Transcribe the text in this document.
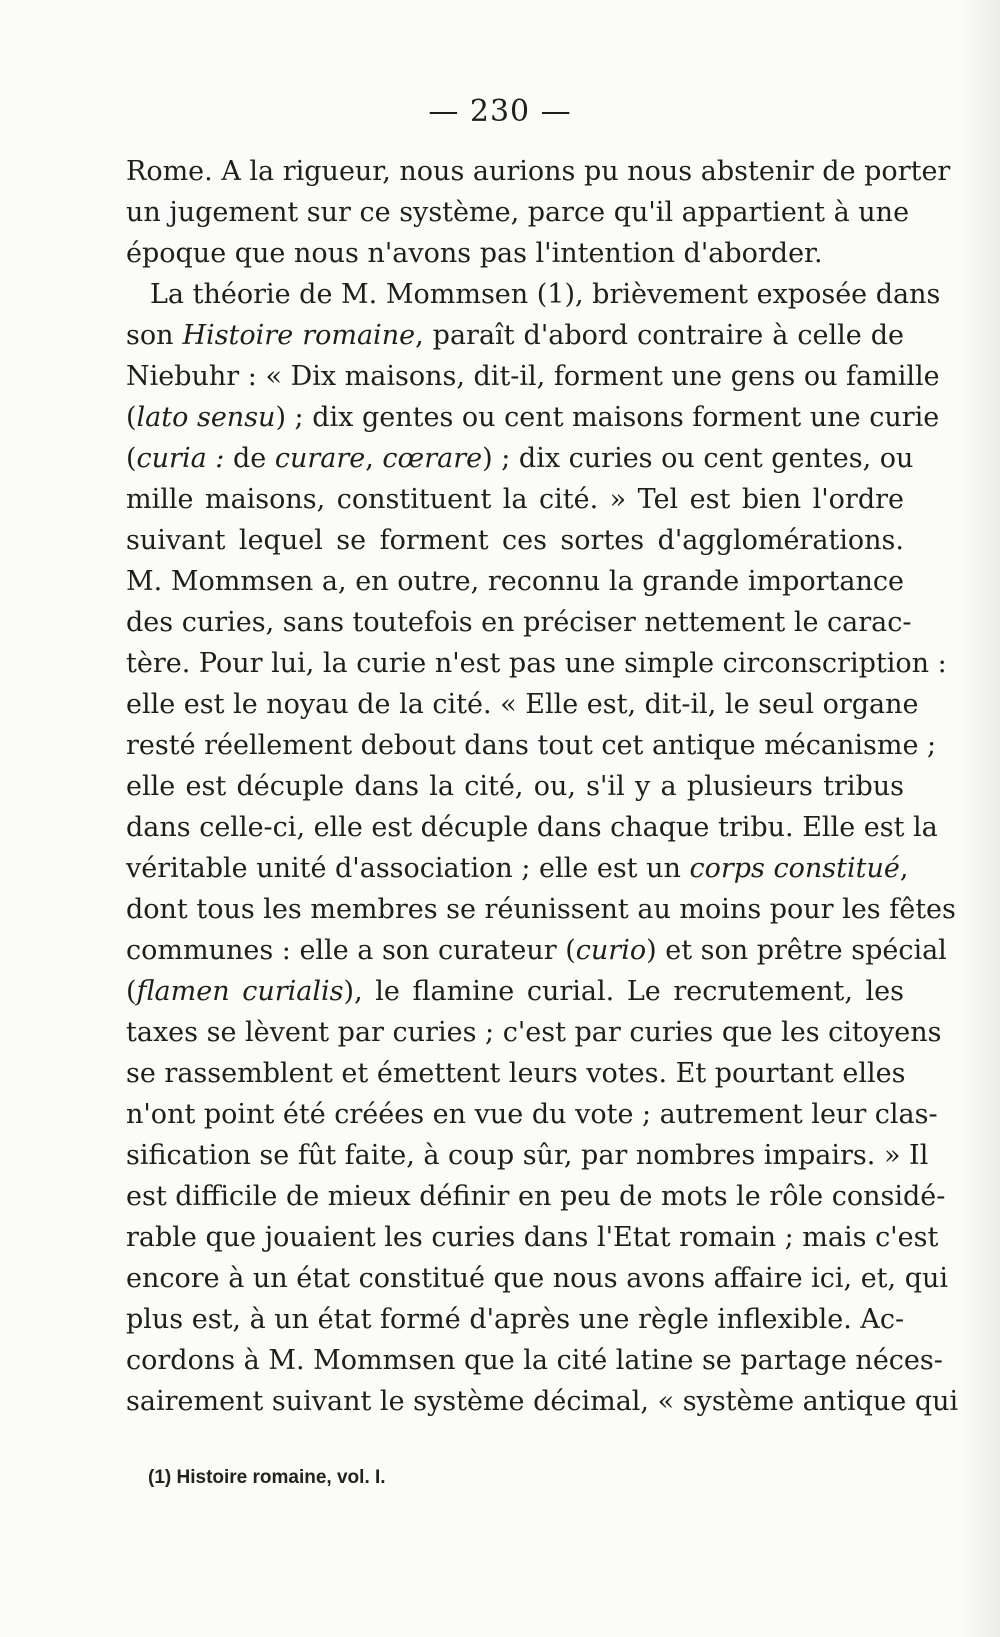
— 230 —
Rome. A la rigueur, nous aurions pu nous abstenir de porter
un jugement sur ce système, parce qu'il appartient à une
époque que nous n'avons pas l'intention d'aborder.
La théorie de M. Mommsen (1), brièvement exposée dans
son Histoire romaine, paraît d'abord contraire à celle de
Niebuhr : « Dix maisons, dit-il, forment une gens ou famille
(lato sensu) ; dix gentes ou cent maisons forment une curie
(curia : de curare, cœrare) ; dix curies ou cent gentes, ou
mille maisons, constituent la cité. » Tel est bien l'ordre
suivant lequel se forment ces sortes d'agglomérations.
M. Mommsen a, en outre, reconnu la grande importance
des curies, sans toutefois en préciser nettement le carac-
tère. Pour lui, la curie n'est pas une simple circonscription :
elle est le noyau de la cité. « Elle est, dit-il, le seul organe
resté réellement debout dans tout cet antique mécanisme ;
elle est décuple dans la cité, ou, s'il y a plusieurs tribus
dans celle-ci, elle est décuple dans chaque tribu. Elle est la
véritable unité d'association ; elle est un corps constitué,
dont tous les membres se réunissent au moins pour les fêtes
communes : elle a son curateur (curio) et son prêtre spécial
(flamen curialis), le flamine curial. Le recrutement, les
taxes se lèvent par curies ; c'est par curies que les citoyens
se rassemblent et émettent leurs votes. Et pourtant elles
n'ont point été créées en vue du vote ; autrement leur clas-
sification se fût faite, à coup sûr, par nombres impairs. » Il
est difficile de mieux définir en peu de mots le rôle considé-
rable que jouaient les curies dans l'Etat romain ; mais c'est
encore à un état constitué que nous avons affaire ici, et, qui
plus est, à un état formé d'après une règle inflexible. Ac-
cordons à M. Mommsen que la cité latine se partage néces-
sairement suivant le système décimal, « système antique qui
(1) Histoire romaine, vol. I.
